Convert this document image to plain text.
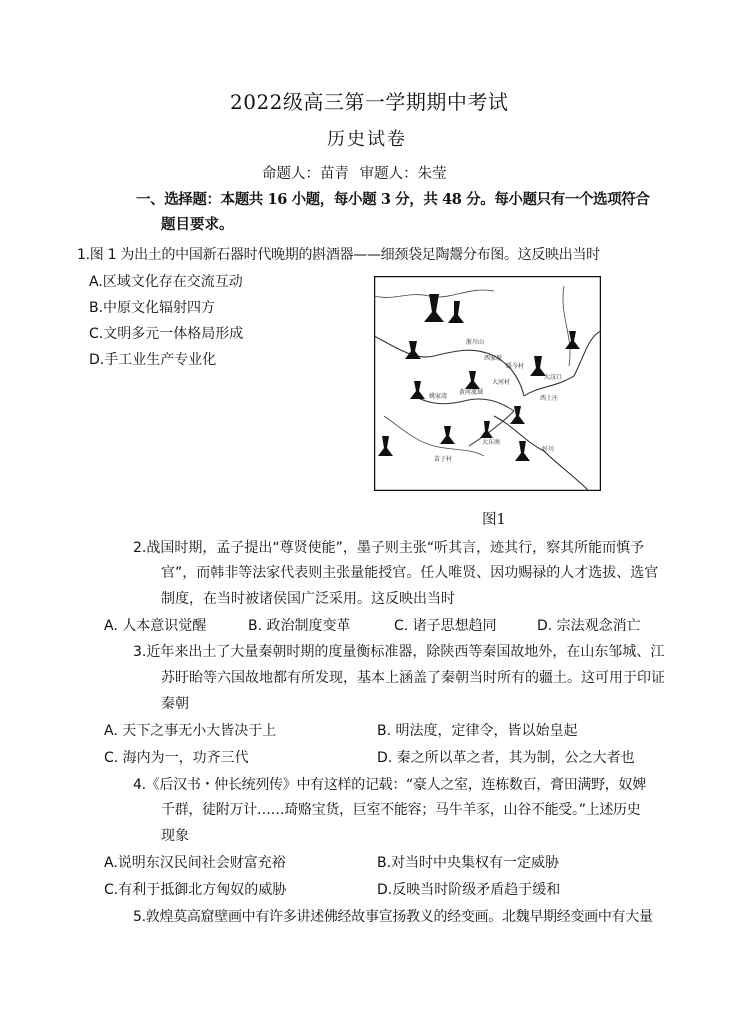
2022级高三第一学期期中考试
历史试卷
命题人：苗青 审题人：朱莹
一、选择题：本题共 16 小题，每小题 3 分，共 48 分。每小题只有一个选项符合
题目要求。
1.图 1 为出土的中国新石器时代晚期的斟酒器——细颈袋足陶鬶分布图。这反映出当时
A.区域文化存在交流互动
B.中原文化辐射四方
C.文明多元一体格局形成
D.手工业生产专业化
浙川山
西家坡
暖今村
大汶口
姚家湾
黄河流域
大河村
西土庄
苗子村
大东南
好川
图1
2.战国时期，孟子提出“尊贤使能”，墨子则主张“听其言，迹其行，察其所能而慎予
官”，而韩非等法家代表则主张量能授官。任人唯贤、因功赐禄的人才选拔、选官
制度，在当时被诸侯国广泛采用。这反映出当时
A. 人本意识觉醒	B. 政治制度变革	C. 诸子思想趋同	D. 宗法观念消亡
3.近年来出土了大量秦朝时期的度量衡标准器，除陕西等秦国故地外，在山东邹城、江
苏盱眙等六国故地都有所发现，基本上涵盖了秦朝当时所有的疆土。这可用于印证
秦朝
A. 天下之事无小大皆决于上	B. 明法度，定律令，皆以始皇起
C. 海内为一，功齐三代	D. 秦之所以革之者，其为制，公之大者也
4.《后汉书・仲长统列传》中有这样的记载：“豪人之室，连栋数百，膏田满野，奴婢
千群，徒附万计……琦赂宝货，巨室不能容；马牛羊豕，山谷不能受。”上述历史
现象
A.说明东汉民间社会财富充裕	B.对当时中央集权有一定威胁
C.有利于抵御北方匈奴的威胁	D.反映当时阶级矛盾趋于缓和
5.敦煌莫高窟壁画中有许多讲述佛经故事宣扬教义的经变画。北魏早期经变画中有大量
